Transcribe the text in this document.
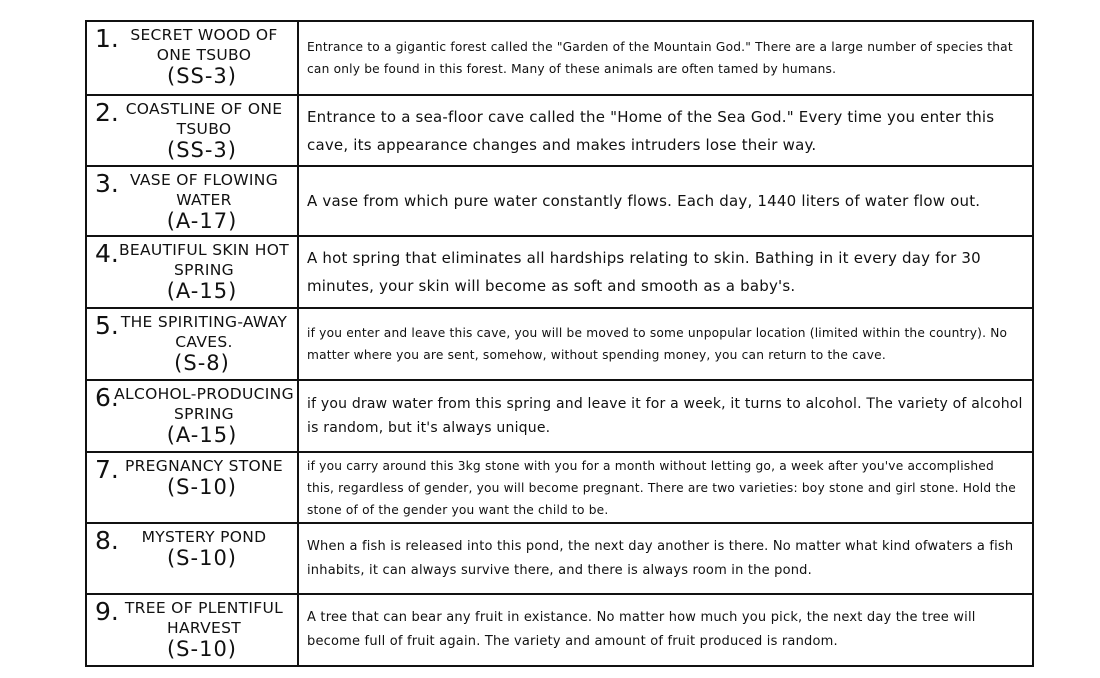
1. SECRET WOOD OF ONE TSUBO
(SS-3)
Entrance to a gigantic forest called the "Garden of the Mountain God." There are a large number of species that can only be found in this forest. Many of these animals are often tamed by humans.
2. COASTLINE OF ONE TSUBO
(SS-3)
Entrance to a sea-floor cave called the "Home of the Sea God." Every time you enter this cave, its appearance changes and makes intruders lose their way.
3. VASE OF FLOWING WATER
(A-17)
A vase from which pure water constantly flows. Each day, 1440 liters of water flow out.
4. BEAUTIFUL SKIN HOT SPRING
(A-15)
A hot spring that eliminates all hardships relating to skin. Bathing in it every day for 30 minutes, your skin will become as soft and smooth as a baby's.
5. THE SPIRITING-AWAY CAVES.
(S-8)
if you enter and leave this cave, you will be moved to some unpopular location (limited within the country). No matter where you are sent, somehow, without spending money, you can return to the cave.
6.
ALCOHOL-PRODUCING SPRING
(A-15)
if you draw water from this spring and leave it for a week, it turns to alcohol. The variety of alcohol is random, but it's always unique.
7. PREGNANCY STONE
(S-10)
if you carry around this 3kg stone with you for a month without letting go, a week after you've accomplished this, regardless of gender, you will become pregnant. There are two varieties: boy stone and girl stone. Hold the stone of of the gender you want the child to be.
8.	MYSTERY POND
(S-10)	When a fish is released into this pond, the next day another is there. No matter what kind ofwaters a fish inhabits, it can always survive there, and there is always room in the pond.
9. TREE OF PLENTIFUL HARVEST
(S-10)
A tree that can bear any fruit in existance. No matter how much you pick, the next day the tree will become full of fruit again. The variety and amount of fruit produced is random.
